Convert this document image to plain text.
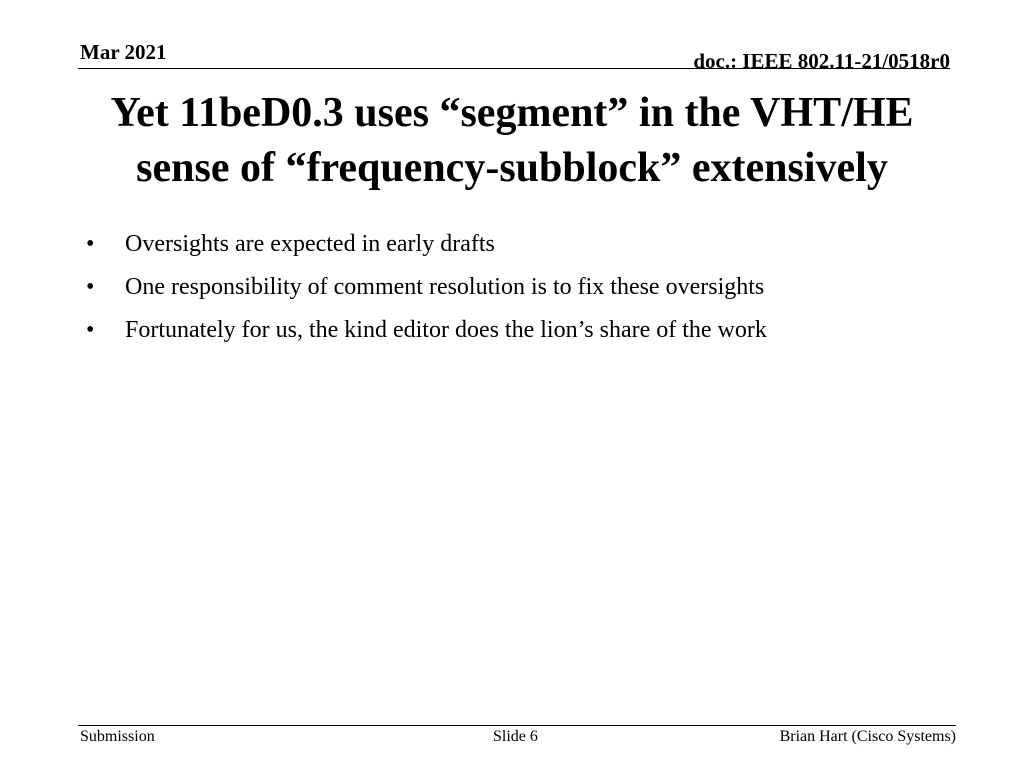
Mar 2021	doc.: IEEE 802.11-21/0518r0
Yet 11beD0.3 uses “segment” in the VHT/HE
sense of “frequency-subblock” extensively
• Oversights are expected in early drafts
• One responsibility of comment resolution is to fix these oversights
• Fortunately for us, the kind editor does the lion’s share of the work
Submission	Slide 6	Brian Hart (Cisco Systems)
